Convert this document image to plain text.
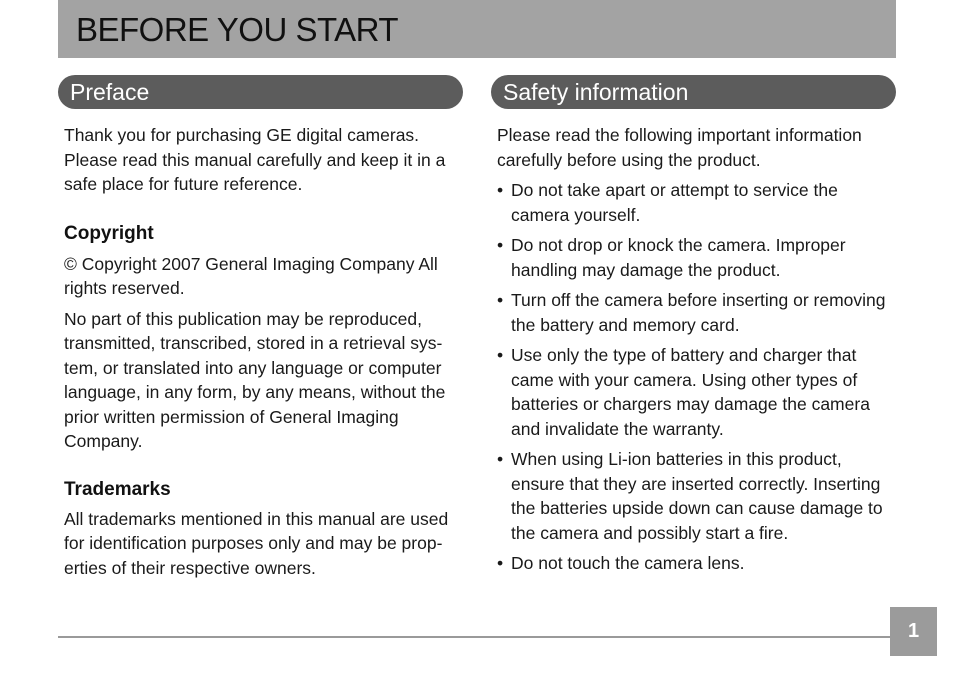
BEFORE YOU START
Preface	Safety information

Thank you for purchasing GE digital cameras. Please read this manual carefully and keep it in a safe place for future reference.

Copyright

© Copyright 2007 General Imaging Company All rights reserved.

No part of this publication may be reproduced, transmitted, transcribed, stored in a retrieval sys-tem, or translated into any language or computer language, in any form, by any means, without the prior written permission of General Imaging Company.

Trademarks

All trademarks mentioned in this manual are used for identification purposes only and may be prop-erties of their respective owners.

Please read the following important information carefully before using the product.

• Do not take apart or attempt to service the camera yourself.
• Do not drop or knock the camera. Improper handling may damage the product.
• Turn off the camera before inserting or removing the battery and memory card.
• Use only the type of battery and charger that came with your camera. Using other types of batteries or chargers may damage the camera and invalidate the warranty.
• When using Li-ion batteries in this product, ensure that they are inserted correctly. Inserting the batteries upside down can cause damage to the camera and possibly start a fire.
• Do not touch the camera lens.
1
